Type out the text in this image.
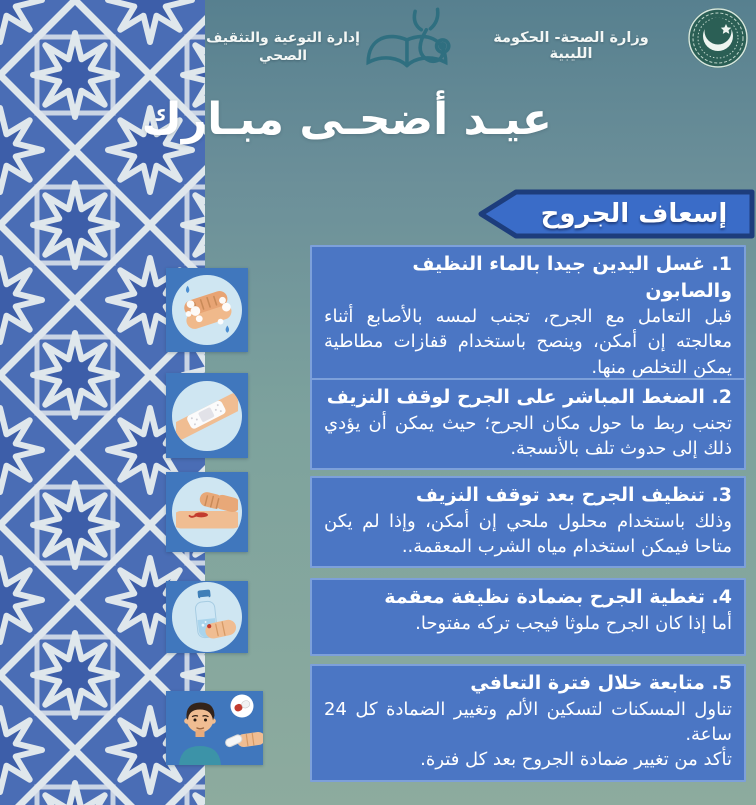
إدارة التوعية والتثقيف الصحي
وزارة الصحة- الحكومة الليبية
عيـد أضحـى مبـارك
إسعاف الجروح
1. غسل اليدين جيدا بالماء النظيف والصابون

قبل التعامل مع الجرح، تجنب لمسه بالأصابع أثناء معالجته إن أمكن، وينصح باستخدام قفازات مطاطية يمكن التخلص منها.

2. الضغط المباشر على الجرح لوقف النزيف

تجنب ربط ما حول مكان الجرح؛ حيث يمكن أن يؤدي ذلك إلى حدوث تلف بالأنسجة.

3. تنظيف الجرح بعد توقف النزيف

وذلك باستخدام محلول ملحي إن أمكن، وإذا لم يكن متاحا فيمكن استخدام مياه الشرب المعقمة..

4. تغطية الجرح بضمادة نظيفة معقمة

أما إذا كان الجرح ملوثا فيجب تركه مفتوحا.

5. متابعة خلال فترة التعافي

تناول المسكنات لتسكين الألم وتغيير الضمادة كل 24 ساعة.

تأكد من تغيير ضمادة الجروح بعد كل فترة.
